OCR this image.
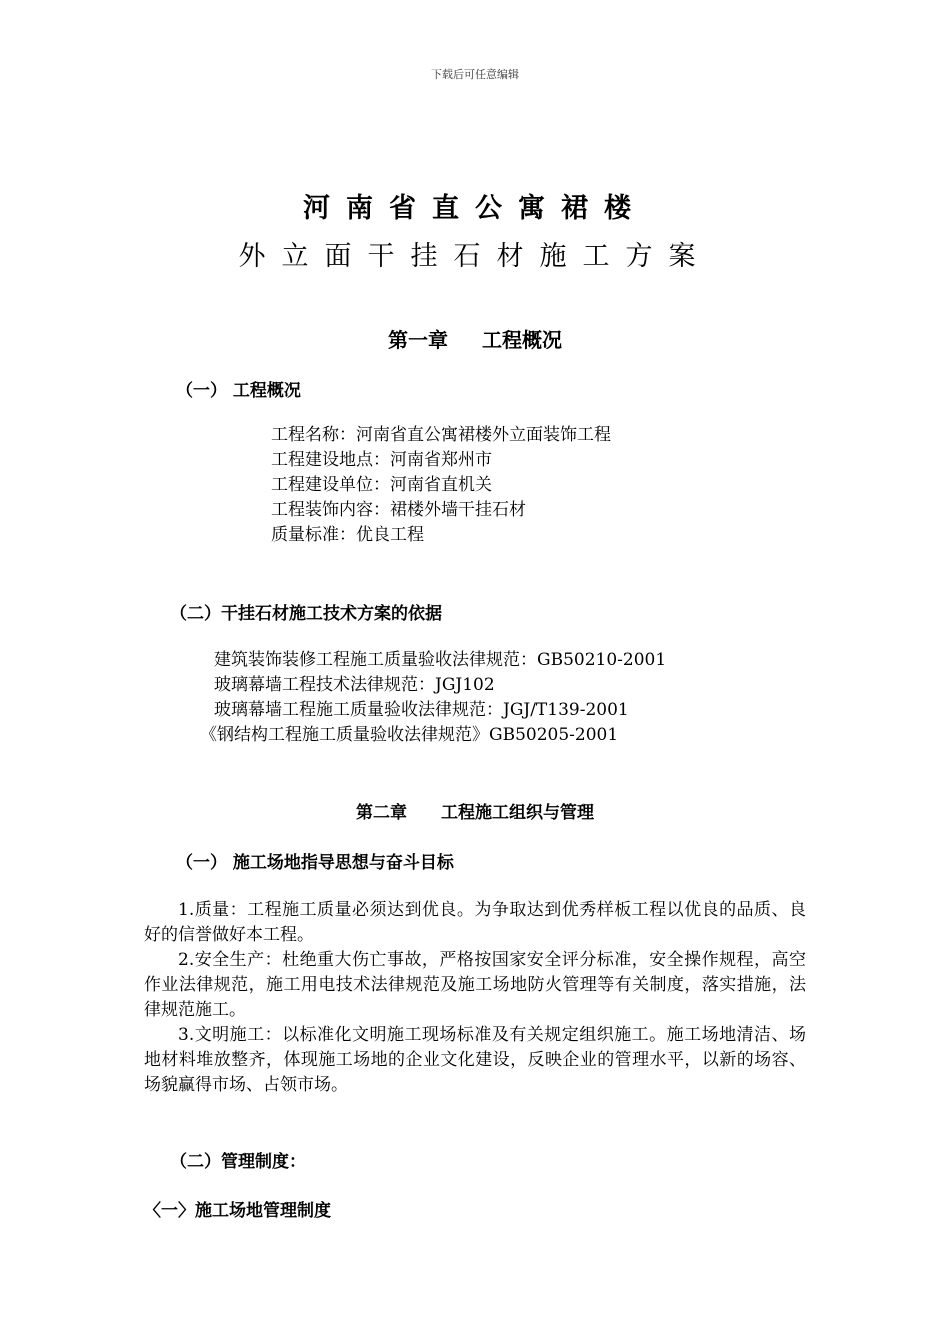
下载后可任意编辑
河南省直公寓裙楼
外立面干挂石材施工方案
第一章 工程概况
（一） 工程概况
工程名称：河南省直公寓裙楼外立面装饰工程
工程建设地点：河南省郑州市
工程建设单位：河南省直机关
工程装饰内容：裙楼外墙干挂石材
质量标准：优良工程
（二）干挂石材施工技术方案的依据
建筑装饰装修工程施工质量验收法律规范：GB50210-2001
玻璃幕墙工程技术法律规范：JGJ102
玻璃幕墙工程施工质量验收法律规范：JGJ/T139-2001
《钢结构工程施工质量验收法律规范》GB50205-2001
第二章 工程施工组织与管理
（一） 施工场地指导思想与奋斗目标

1.质量：工程施工质量必须达到优良。为争取达到优秀样板工程以优良的品质、良好的信誉做好本工程。

2.安全生产：杜绝重大伤亡事故，严格按国家安全评分标准，安全操作规程，高空作业法律规范，施工用电技术法律规范及施工场地防火管理等有关制度，落实措施，法律规范施工。

3.文明施工：以标准化文明施工现场标准及有关规定组织施工。施工场地清洁、场地材料堆放整齐，体现施工场地的企业文化建设，反映企业的管理水平，以新的场容、场貌赢得市场、占领市场。

（二）管理制度：
〈一〉施工场地管理制度
